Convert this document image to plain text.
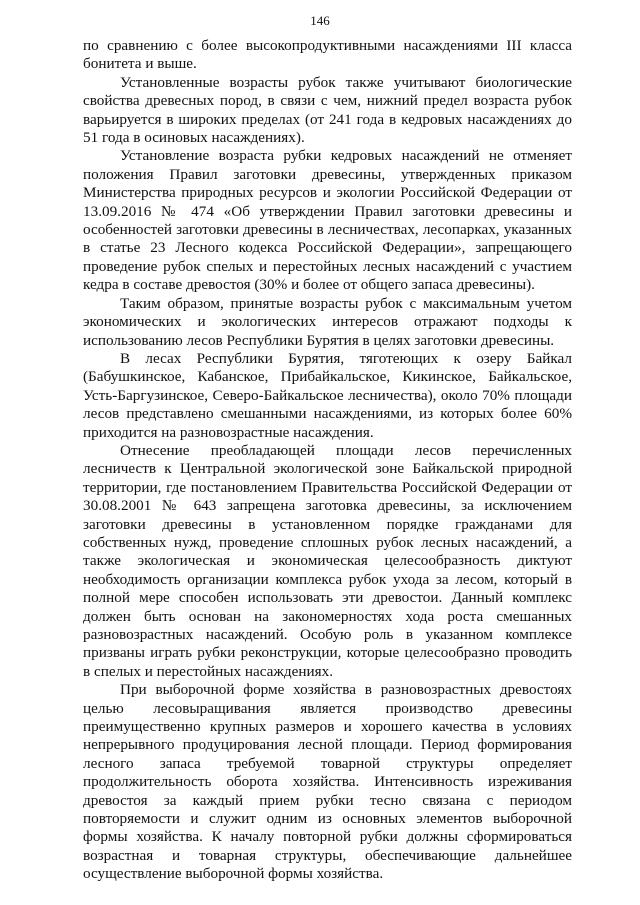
146

по сравнению с более высокопродуктивными насаждениями III класса бонитета и выше.

Установленные возрасты рубок также учитывают биологические свойства древесных пород, в связи с чем, нижний предел возраста рубок варьируется в широких пределах (от 241 года в кедровых насаждениях до 51 года в осиновых насаждениях).

Установление возраста рубки кедровых насаждений не отменяет положения Правил заготовки древесины, утвержденных приказом Министерства природных ресурсов и экологии Российской Федерации от 13.09.2016 № 474 «Об утверждении Правил заготовки древесины и особенностей заготовки древесины в лесничествах, лесопарках, указанных в статье 23 Лесного кодекса Российской Федерации», запрещающего проведение рубок спелых и перестойных лесных насаждений с участием кедра в составе древостоя (30% и более от общего запаса древесины).

Таким образом, принятые возрасты рубок с максимальным учетом экономических и экологических интересов отражают подходы к использованию лесов Республики Бурятия в целях заготовки древесины.

В лесах Республики Бурятия, тяготеющих к озеру Байкал (Бабушкинское, Кабанское, Прибайкальское, Кикинское, Байкальское, Усть-Баргузинское, Северо-Байкальское лесничества), около 70% площади лесов представлено смешанными насаждениями, из которых более 60% приходится на разновозрастные насаждения.

Отнесение преобладающей площади лесов перечисленных лесничеств к Центральной экологической зоне Байкальской природной территории, где постановлением Правительства Российской Федерации от 30.08.2001 № 643 запрещена заготовка древесины, за исключением заготовки древесины в установленном порядке гражданами для собственных нужд, проведение сплошных рубок лесных насаждений, а также экологическая и экономическая целесообразность диктуют необходимость организации комплекса рубок ухода за лесом, который в полной мере способен использовать эти древостои. Данный комплекс должен быть основан на закономерностях хода роста смешанных разновозрастных насаждений. Особую роль в указанном комплексе призваны играть рубки реконструкции, которые целесообразно проводить в спелых и перестойных насаждениях.

При выборочной форме хозяйства в разновозрастных древостоях целью лесовыращивания является производство древесины преимущественно крупных размеров и хорошего качества в условиях непрерывного продуцирования лесной площади. Период формирования лесного запаса требуемой товарной структуры определяет продолжительность оборота хозяйства. Интенсивность изреживания древостоя за каждый прием рубки тесно связана с периодом повторяемости и служит одним из основных элементов выборочной формы хозяйства. К началу повторной рубки должны сформироваться возрастная и товарная структуры, обеспечивающие дальнейшее осуществление выборочной формы хозяйства.
